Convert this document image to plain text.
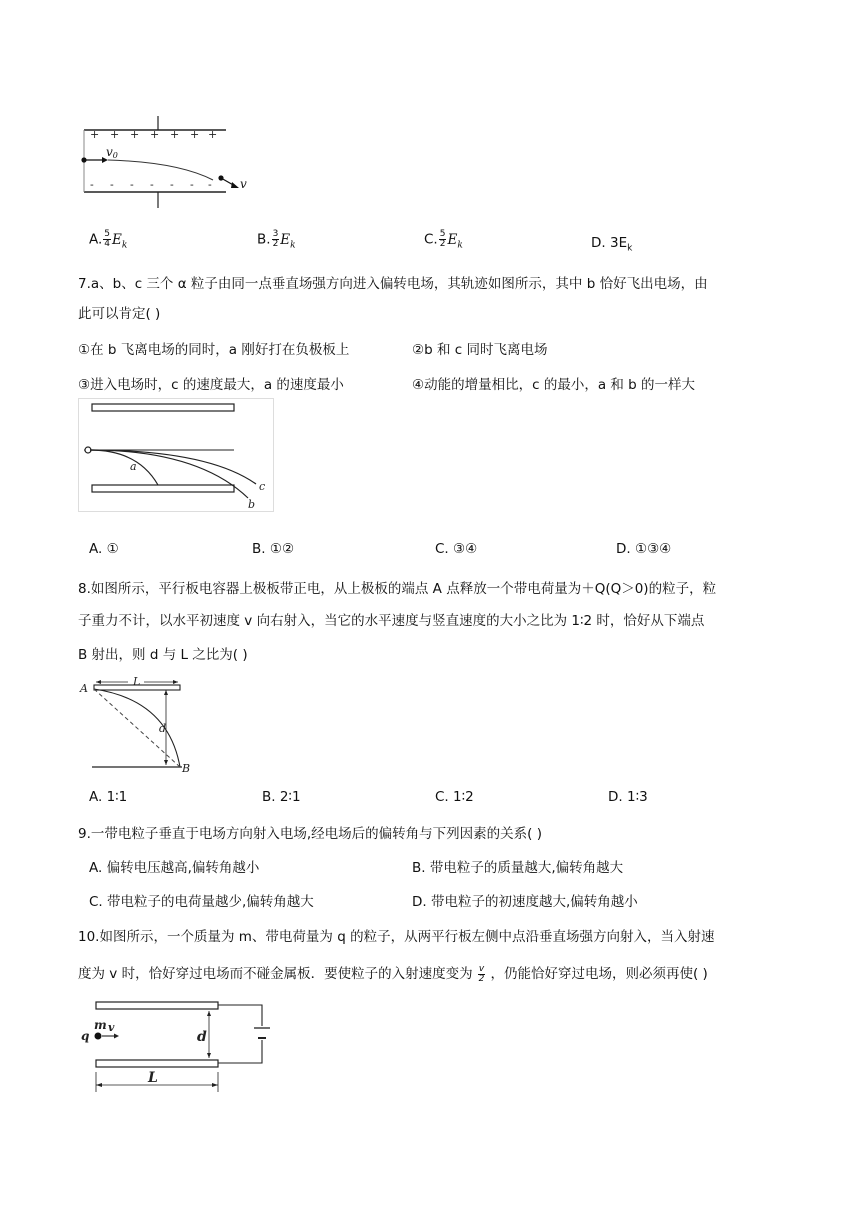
+ + + + + + +
- - - - - - -
v0
v
A. $\frac{5}{4} E_k$	B. $\frac{3}{2} E_k$	C. $\frac{5}{2} E_k$	D. $3E_k$
7.a、b、c 三个 α 粒子由同一点垂直场强方向进入偏转电场，其轨迹如图所示，其中 b 恰好飞出电场，由
此可以肯定( )
①在 b 飞离电场的同时，a 刚好打在负极板上	②b 和 c 同时飞离电场
③进入电场时，c 的速度最大，a 的速度最小	④动能的增量相比，c 的最小，a 和 b 的一样大
a
b
c
A. ①	B. ①②	C. ③④	D. ①③④
8.如图所示，平行板电容器上极板带正电，从上极板的端点 A 点释放一个带电荷量为＋Q(Q＞0)的粒子，粒
子重力不计，以水平初速度 v 向右射入，当它的水平速度与竖直速度的大小之比为 1∶2 时，恰好从下端点
B 射出，则 d 与 L 之比为( )
A
L
d
B
A. 1∶1	B. 2∶1	C. 1∶2	D. 1∶3
9.一带电粒子垂直于电场方向射入电场,经电场后的偏转角与下列因素的关系( )
A. 偏转电压越高,偏转角越小	B. 带电粒子的质量越大,偏转角越大
C. 带电粒子的电荷量越少,偏转角越大	D. 带电粒子的初速度越大,偏转角越小
10.如图所示，一个质量为 m、带电荷量为 q 的粒子，从两平行板左侧中点沿垂直场强方向射入，当入射速
度为 v 时，恰好穿过电场而不碰金属板．要使粒子的入射速度变为 $\frac{v}{2}$ ，仍能恰好穿过电场，则必须再使( )
d
m v
q
L
